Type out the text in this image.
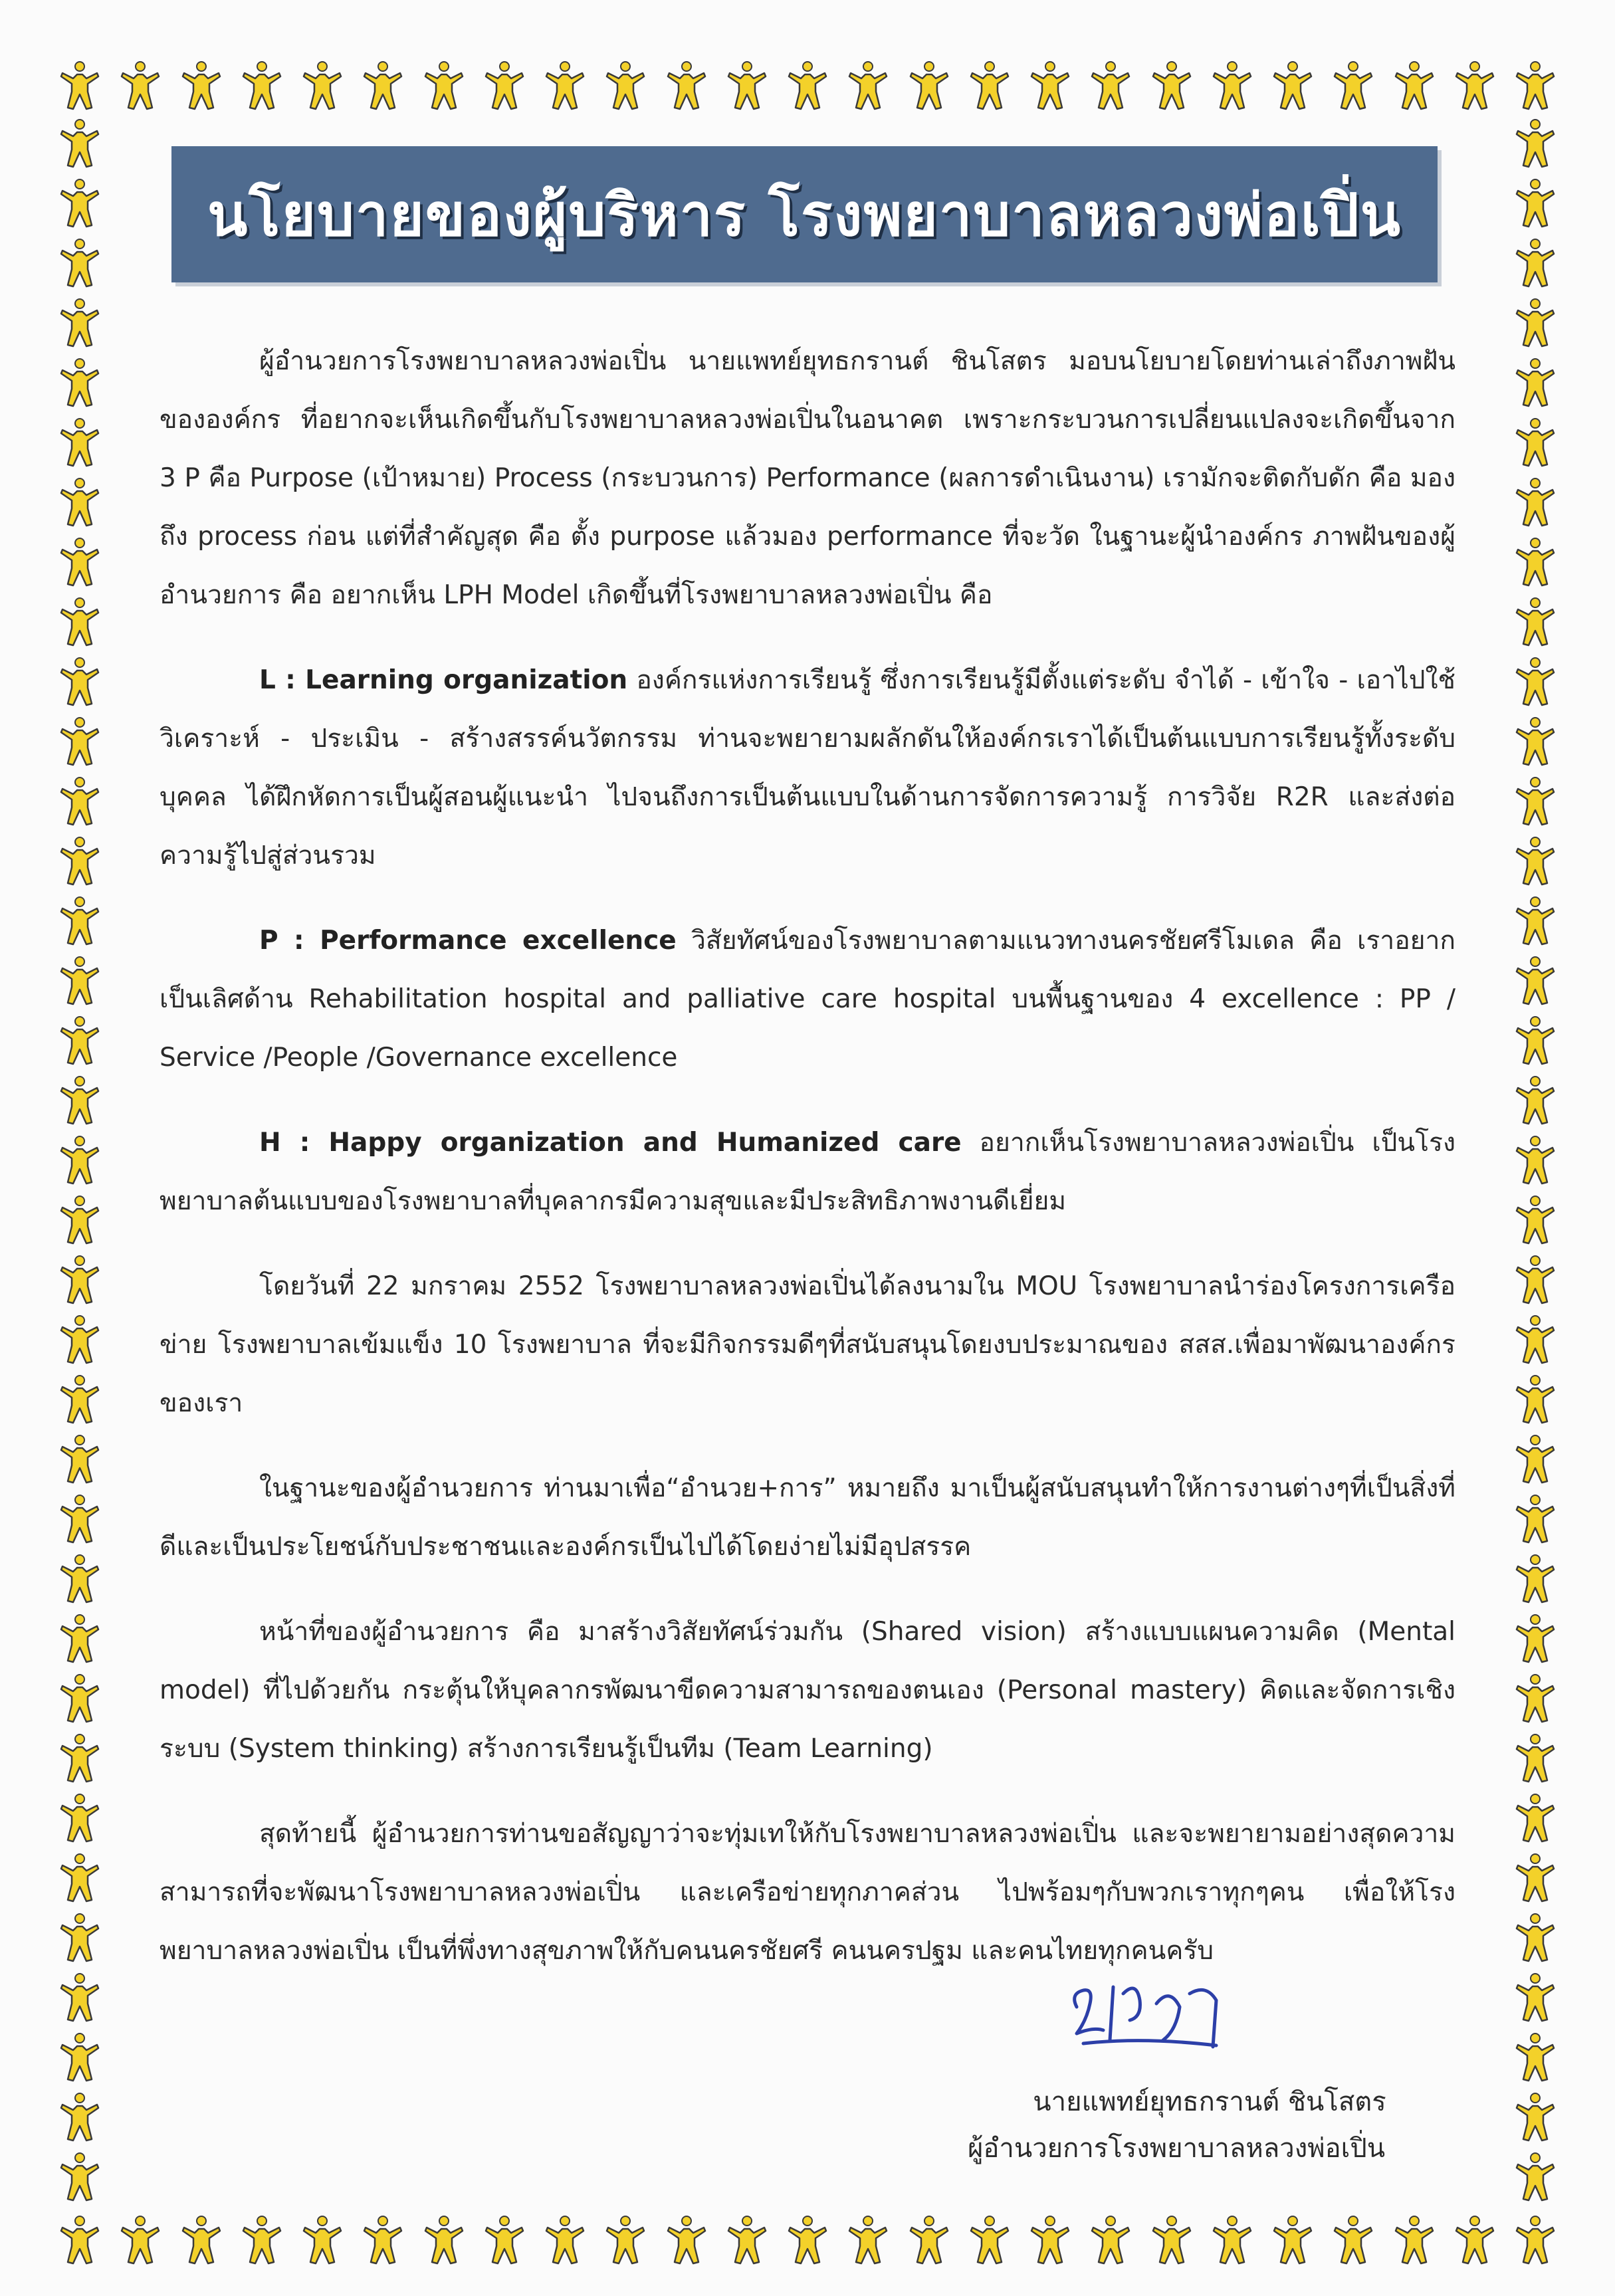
นโยบายของผู้บริหาร โรงพยาบาลหลวงพ่อเปิ่น

ผู้อำนวยการโรงพยาบาลหลวงพ่อเปิ่น นายแพทย์ยุทธกรานต์ ชินโสตร มอบนโยบายโดยท่านเล่าถึงภาพฝันขององค์กร ที่อยากจะเห็นเกิดขึ้นกับโรงพยาบาลหลวงพ่อเปิ่นในอนาคต เพราะกระบวนการเปลี่ยนแปลงจะเกิดขึ้นจาก 3 P คือ Purpose (เป้าหมาย) Process (กระบวนการ) Performance (ผลการดำเนินงาน) เรามักจะติดกับดัก คือ มองถึง process ก่อน แต่ที่สำคัญสุด คือ ตั้ง purpose แล้วมอง performance ที่จะวัด ในฐานะผู้นำองค์กร ภาพฝันของผู้อำนวยการ คือ อยากเห็น LPH Model เกิดขึ้นที่โรงพยาบาลหลวงพ่อเปิ่น คือ

L : Learning organization องค์กรแห่งการเรียนรู้ ซึ่งการเรียนรู้มีตั้งแต่ระดับ จำได้ - เข้าใจ - เอาไปใช้ วิเคราะห์ - ประเมิน - สร้างสรรค์นวัตกรรม ท่านจะพยายามผลักดันให้องค์กรเราได้เป็นต้นแบบการเรียนรู้ทั้งระดับบุคคล ได้ฝึกหัดการเป็นผู้สอนผู้แนะนำ ไปจนถึงการเป็นต้นแบบในด้านการจัดการความรู้ การวิจัย R2R และส่งต่อความรู้ไปสู่ส่วนรวม

P : Performance excellence วิสัยทัศน์ของโรงพยาบาลตามแนวทางนครชัยศรีโมเดล คือ เราอยากเป็นเลิศด้าน Rehabilitation hospital and palliative care hospital บนพื้นฐานของ 4 excellence : PP / Service /People /Governance excellence

H : Happy organization and Humanized care อยากเห็นโรงพยาบาลหลวงพ่อเปิ่น เป็นโรงพยาบาลต้นแบบของโรงพยาบาลที่บุคลากรมีความสุขและมีประสิทธิภาพงานดีเยี่ยม

โดยวันที่ 22 มกราคม 2552 โรงพยาบาลหลวงพ่อเปิ่นได้ลงนามใน MOU โรงพยาบาลนำร่องโครงการเครือข่าย โรงพยาบาลเข้มแข็ง 10 โรงพยาบาล ที่จะมีกิจกรรมดีๆที่สนับสนุนโดยงบประมาณของ สสส.เพื่อมาพัฒนาองค์กรของเรา

ในฐานะของผู้อำนวยการ ท่านมาเพื่อ“อำนวย+การ” หมายถึง มาเป็นผู้สนับสนุนทำให้การงานต่างๆที่เป็นสิ่งที่ดีและเป็นประโยชน์กับประชาชนและองค์กรเป็นไปได้โดยง่ายไม่มีอุปสรรค

หน้าที่ของผู้อำนวยการ คือ มาสร้างวิสัยทัศน์ร่วมกัน (Shared vision) สร้างแบบแผนความคิด (Mental model) ที่ไปด้วยกัน กระตุ้นให้บุคลากรพัฒนาขีดความสามารถของตนเอง (Personal mastery) คิดและจัดการเชิงระบบ (System thinking) สร้างการเรียนรู้เป็นทีม (Team Learning)

สุดท้ายนี้ ผู้อำนวยการท่านขอสัญญาว่าจะทุ่มเทให้กับโรงพยาบาลหลวงพ่อเปิ่น และจะพยายามอย่างสุดความสามารถที่จะพัฒนาโรงพยาบาลหลวงพ่อเปิ่น และเครือข่ายทุกภาคส่วน ไปพร้อมๆกับพวกเราทุกๆคน เพื่อให้โรงพยาบาลหลวงพ่อเปิ่น เป็นที่พึ่งทางสุขภาพให้กับคนนครชัยศรี คนนครปฐม และคนไทยทุกคนครับ

นายแพทย์ยุทธกรานต์ ชินโสตร
ผู้อำนวยการโรงพยาบาลหลวงพ่อเปิ่น
